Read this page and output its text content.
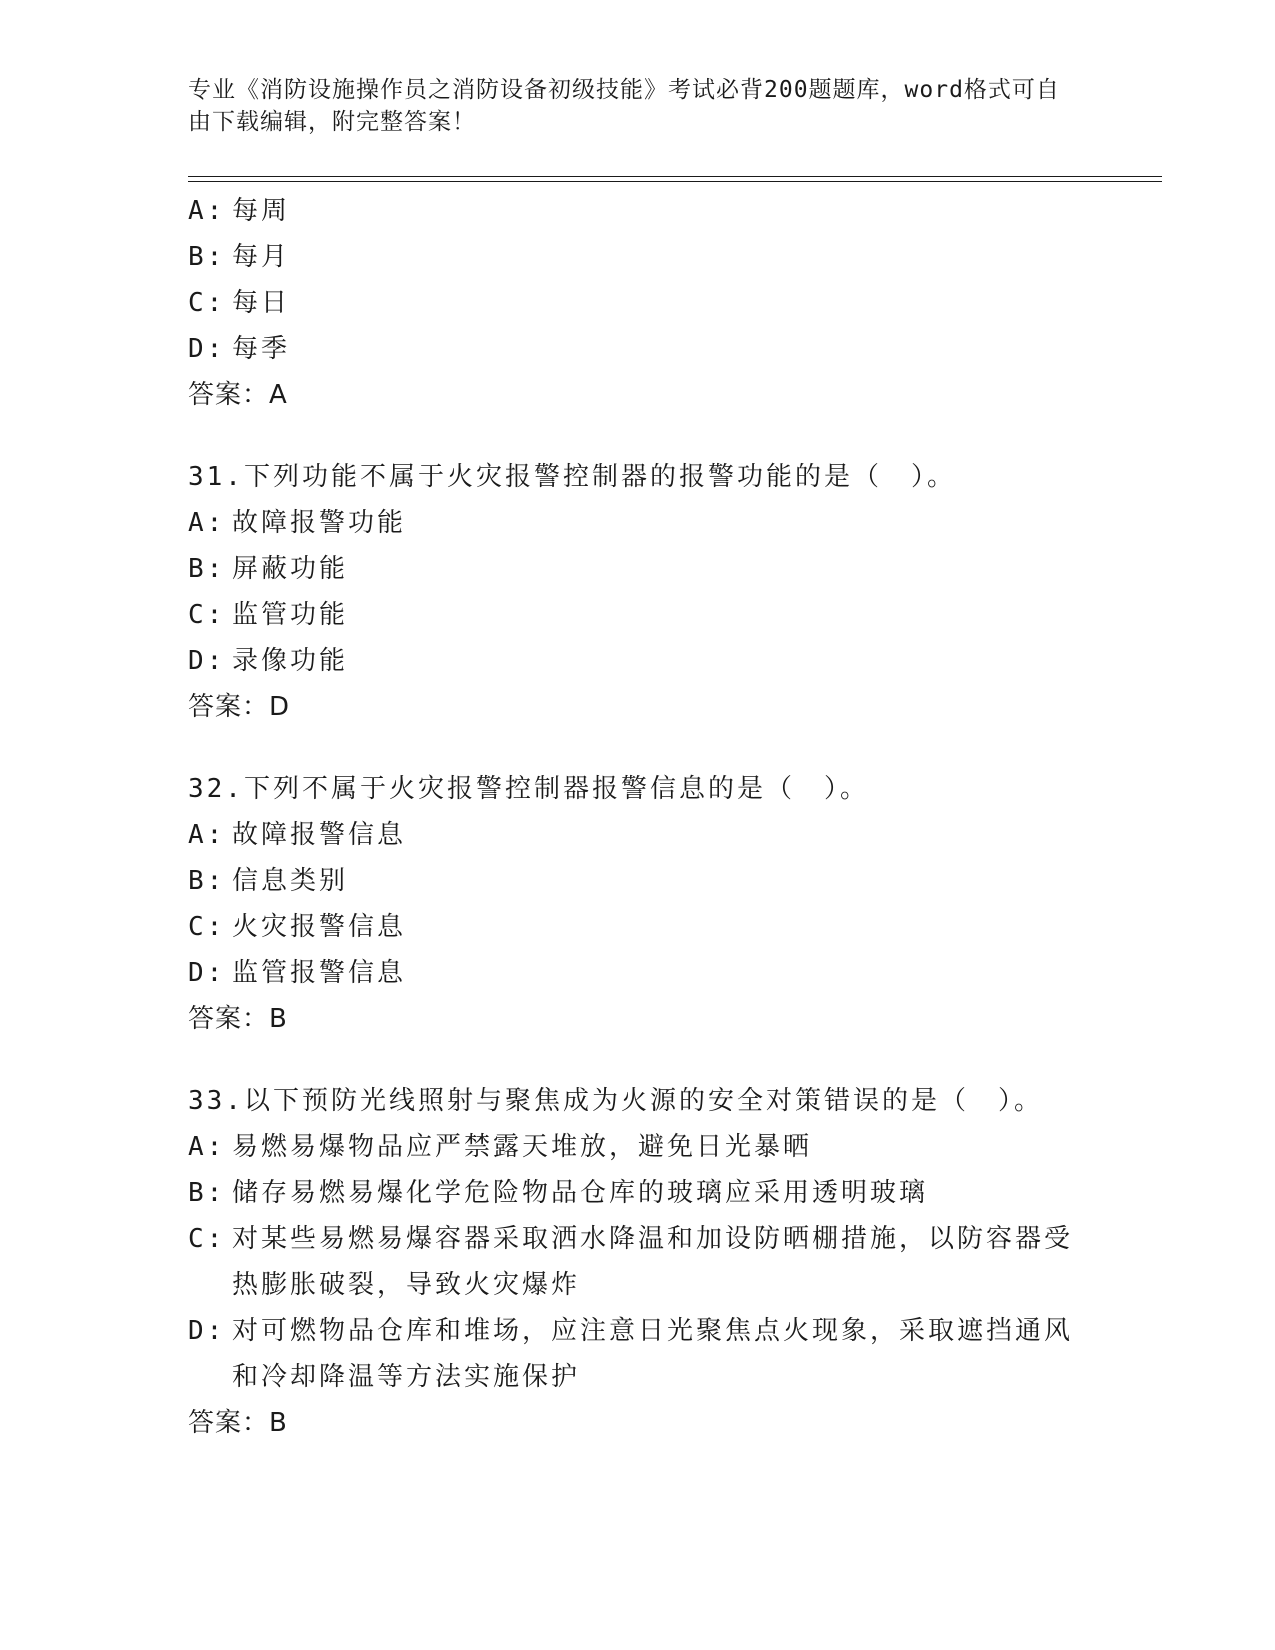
专业《消防设施操作员之消防设备初级技能》考试必背200题题库，word格式可自由下载编辑，附完整答案！
A: 每周
B: 每月
C: 每日
D: 每季
答案：A
31.下列功能不属于火灾报警控制器的报警功能的是（　）。
A: 故障报警功能
B: 屏蔽功能
C: 监管功能
D: 录像功能
答案：D
32.下列不属于火灾报警控制器报警信息的是（　）。
A: 故障报警信息
B: 信息类别
C: 火灾报警信息
D: 监管报警信息
答案：B
33.以下预防光线照射与聚焦成为火源的安全对策错误的是（　）。
A: 易燃易爆物品应严禁露天堆放，避免日光暴晒
B: 储存易燃易爆化学危险物品仓库的玻璃应采用透明玻璃
C: 对某些易燃易爆容器采取洒水降温和加设防晒棚措施，以防容器受热膨胀破裂，导致火灾爆炸
D: 对可燃物品仓库和堆场，应注意日光聚焦点火现象，采取遮挡通风和冷却降温等方法实施保护
答案：B
